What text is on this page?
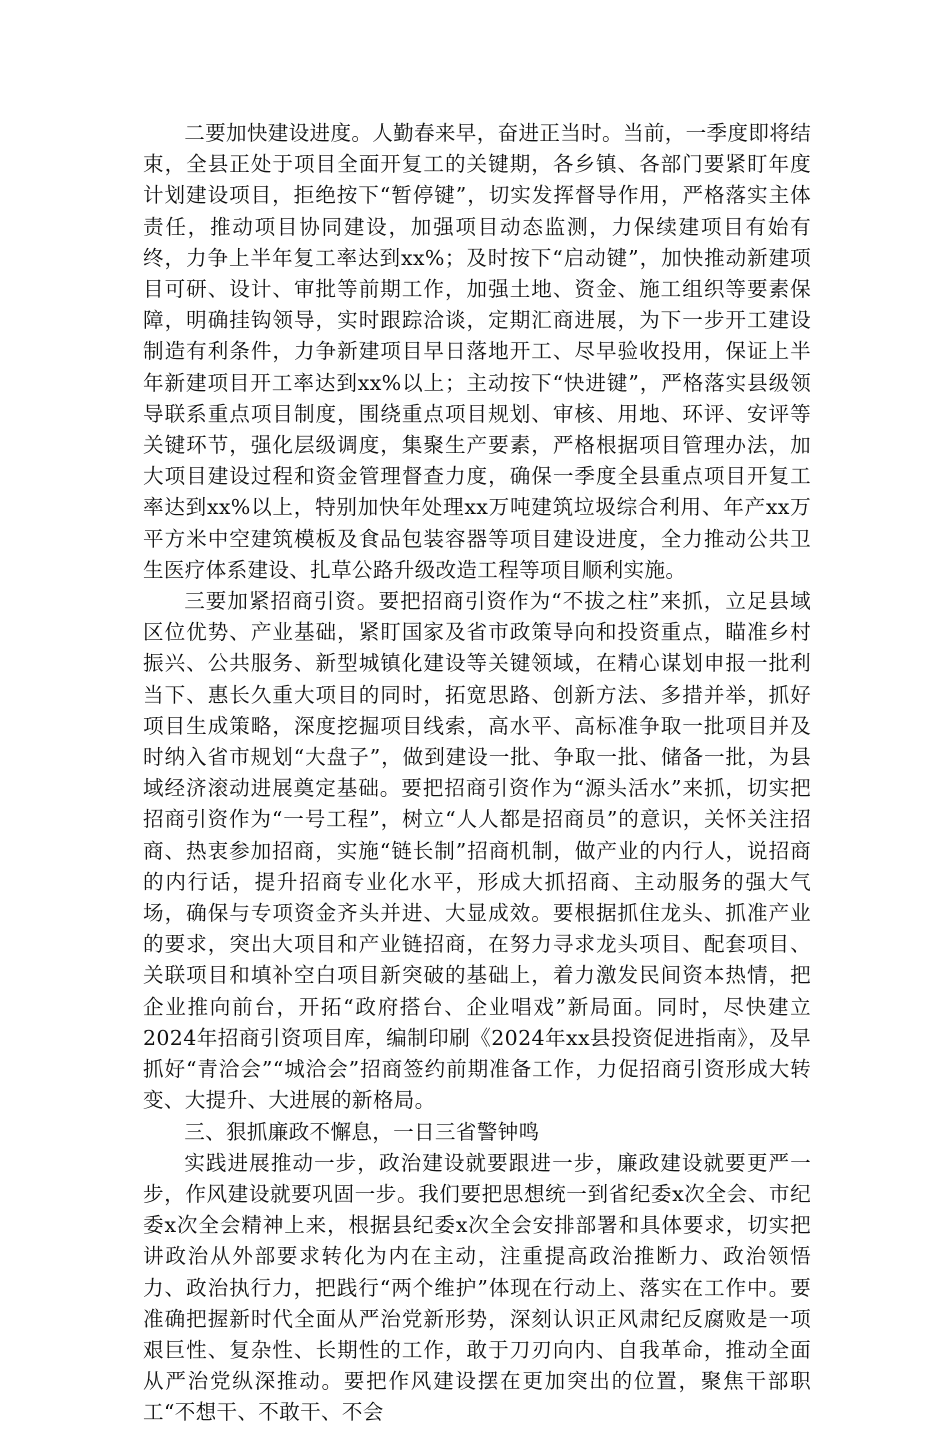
二要加快建设进度。人勤春来早，奋进正当时。当前，一季度即将结束，全县正处于项目全面开复工的关键期，各乡镇、各部门要紧盯年度计划建设项目，拒绝按下“暂停键”，切实发挥督导作用，严格落实主体责任，推动项目协同建设，加强项目动态监测，力保续建项目有始有终，力争上半年复工率达到xx%；及时按下“启动键”，加快推动新建项目可研、设计、审批等前期工作，加强土地、资金、施工组织等要素保障，明确挂钩领导，实时跟踪洽谈，定期汇商进展，为下一步开工建设制造有利条件，力争新建项目早日落地开工、尽早验收投用，保证上半年新建项目开工率达到xx%以上；主动按下“快进键”，严格落实县级领导联系重点项目制度，围绕重点项目规划、审核、用地、环评、安评等关键环节，强化层级调度，集聚生产要素，严格根据项目管理办法，加大项目建设过程和资金管理督查力度，确保一季度全县重点项目开复工率达到xx%以上，特别加快年处理xx万吨建筑垃圾综合利用、年产xx万平方米中空建筑模板及食品包装容器等项目建设进度，全力推动公共卫生医疗体系建设、扎草公路升级改造工程等项目顺利实施。

三要加紧招商引资。要把招商引资作为“不拔之柱”来抓，立足县域区位优势、产业基础，紧盯国家及省市政策导向和投资重点，瞄准乡村振兴、公共服务、新型城镇化建设等关键领域，在精心谋划申报一批利当下、惠长久重大项目的同时，拓宽思路、创新方法、多措并举，抓好项目生成策略，深度挖掘项目线索，高水平、高标准争取一批项目并及时纳入省市规划“大盘子”，做到建设一批、争取一批、储备一批，为县域经济滚动进展奠定基础。要把招商引资作为“源头活水”来抓，切实把招商引资作为“一号工程”，树立“人人都是招商员”的意识，关怀关注招商、热衷参加招商，实施“链长制”招商机制，做产业的内行人，说招商的内行话，提升招商专业化水平，形成大抓招商、主动服务的强大气场，确保与专项资金齐头并进、大显成效。要根据抓住龙头、抓准产业的要求，突出大项目和产业链招商，在努力寻求龙头项目、配套项目、关联项目和填补空白项目新突破的基础上，着力激发民间资本热情，把企业推向前台，开拓“政府搭台、企业唱戏”新局面。同时，尽快建立2024年招商引资项目库，编制印刷《2024年xx县投资促进指南》，及早抓好“青洽会”“城洽会”招商签约前期准备工作，力促招商引资形成大转变、大提升、大进展的新格局。

三、狠抓廉政不懈息，一日三省警钟鸣

实践进展推动一步，政治建设就要跟进一步，廉政建设就要更严一步，作风建设就要巩固一步。我们要把思想统一到省纪委x次全会、市纪委x次全会精神上来，根据县纪委x次全会安排部署和具体要求，切实把讲政治从外部要求转化为内在主动，注重提高政治推断力、政治领悟力、政治执行力，把践行“两个维护”体现在行动上、落实在工作中。要准确把握新时代全面从严治党新形势，深刻认识正风肃纪反腐败是一项艰巨性、复杂性、长期性的工作，敢于刀刃向内、自我革命，推动全面从严治党纵深推动。要把作风建设摆在更加突出的位置，聚焦干部职工“不想干、不敢干、不会
